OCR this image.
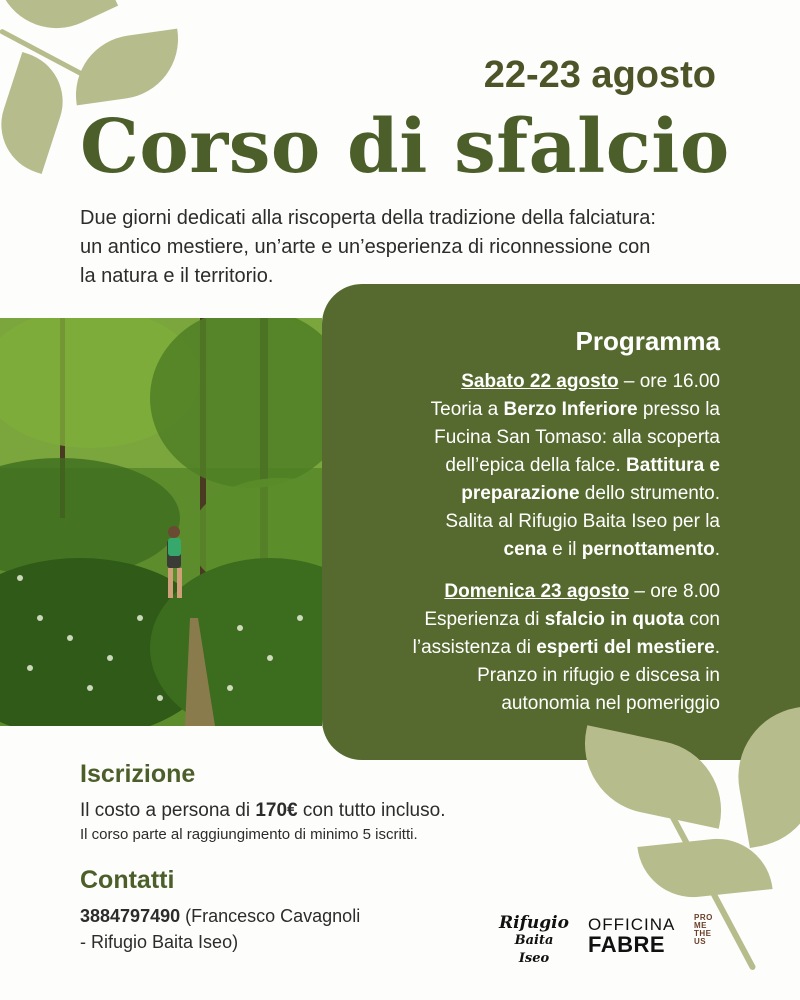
22-23 agosto
Corso di sfalcio
Due giorni dedicati alla riscoperta della tradizione della falciatura:
un antico mestiere, un’arte e un’esperienza di riconnessione con
la natura e il territorio.
Programma
Sabato 22 agosto – ore 16.00
Teoria a Berzo Inferiore presso la
Fucina San Tomaso: alla scoperta
dell’epica della falce. Battitura e
preparazione dello strumento.
Salita al Rifugio Baita Iseo per la
cena e il pernottamento.
Domenica 23 agosto – ore 8.00
Esperienza di sfalcio in quota con
l’assistenza di esperti del mestiere.
Pranzo in rifugio e discesa in
autonomia nel pomeriggio
Iscrizione
Il costo a persona di 170€ con tutto incluso.
Il corso parte al raggiungimento di minimo 5 iscritti.
Contatti
3884797490 (Francesco Cavagnoli
- Rifugio Baita Iseo)
Rifugio
Baita Iseo
OFFICINA
FABRE
PRO
ME
THE
US
